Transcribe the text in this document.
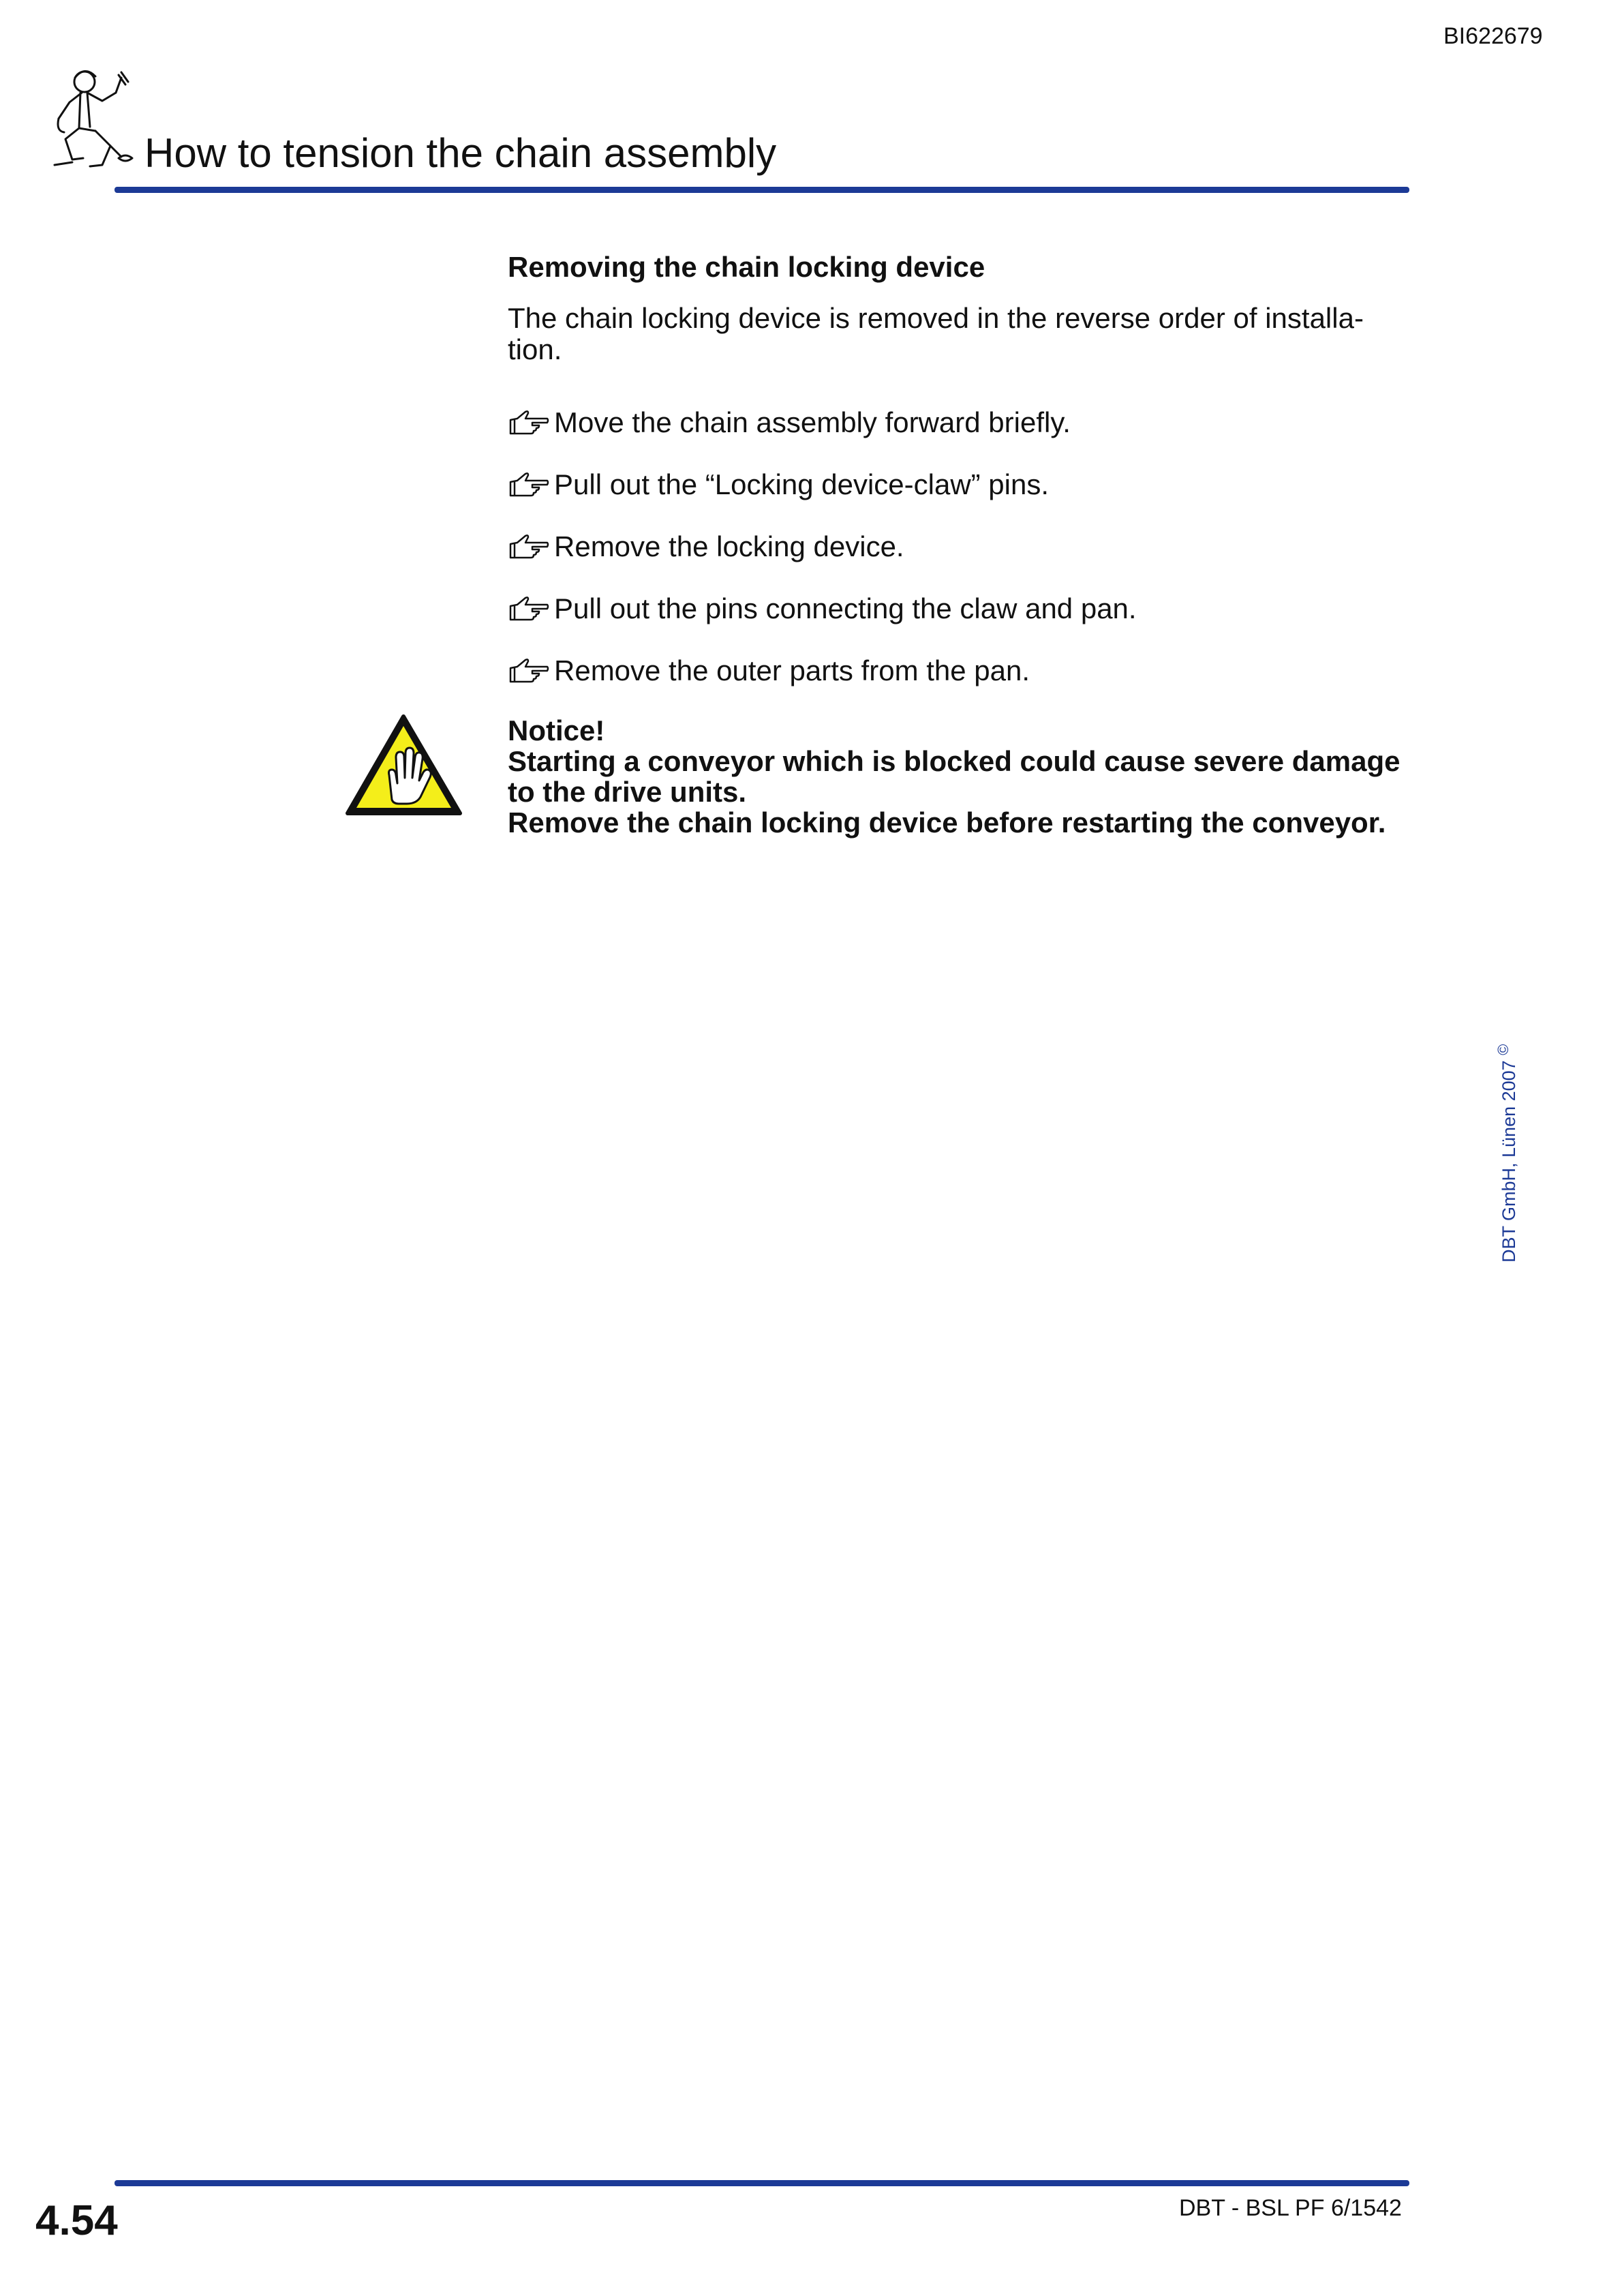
BI622679
How to tension the chain assembly
Removing the chain locking device

The chain locking device is removed in the reverse order of installa-tion.

Move the chain assembly forward briefly.
Pull out the “Locking device-claw” pins.
Remove the locking device.
Pull out the pins connecting the claw and pan.
Remove the outer parts from the pan.

Notice!

Starting a conveyor which is blocked could cause severe damage to the drive units.

Remove the chain locking device before restarting the conveyor.

DBT GmbH, Lünen 2007 ©
4.54	DBT - BSL PF 6/1542
